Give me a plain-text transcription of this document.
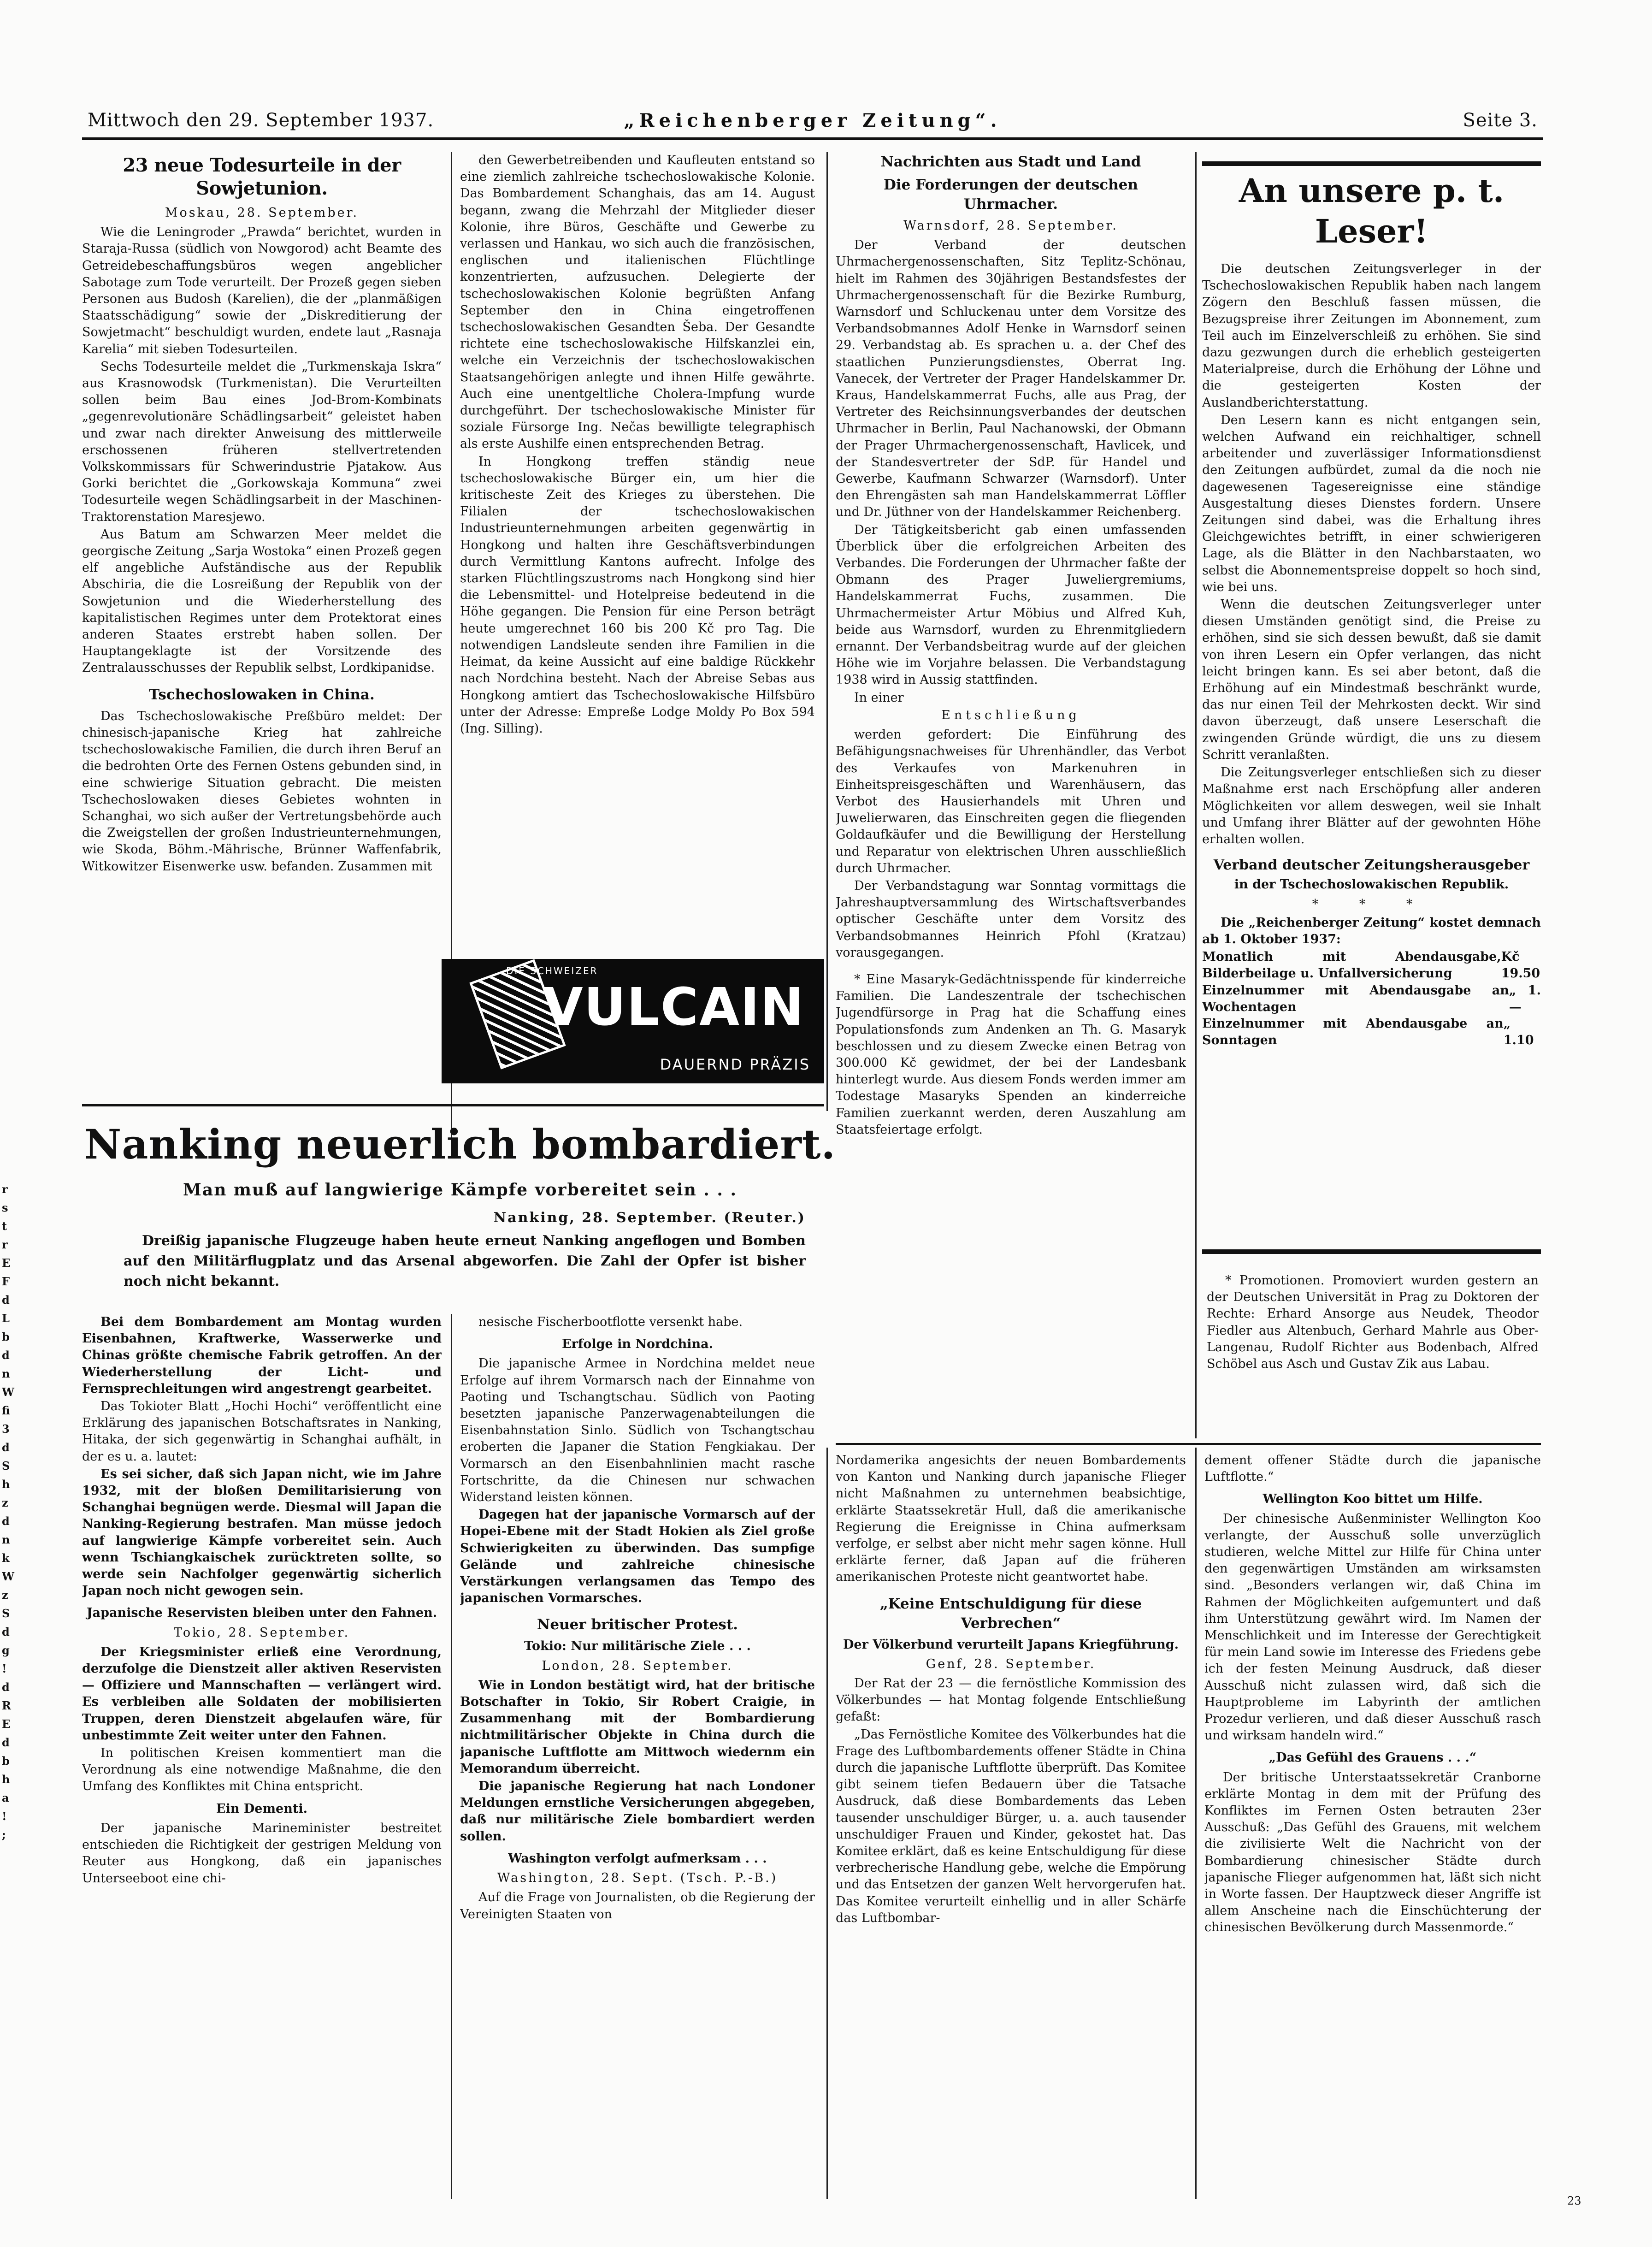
Mittwoch den 29. September 1937.	„Reichenberger Zeitung“.	Seite 3.
23 neue Todesurteile in der Sowjetunion.
Moskau, 28. September.

Wie die Leningroder „Prawda“ berichtet, wurden in Staraja-Russa (südlich von Nowgorod) acht Beamte des Getreidebeschaffungsbüros wegen angeblicher Sabotage zum Tode verurteilt. Der Prozeß gegen sieben Personen aus Budosh (Karelien), die der „planmäßigen Staatsschädigung“ sowie der „Diskreditierung der Sowjetmacht“ beschuldigt wurden, endete laut „Rasnaja Karelia“ mit sieben Todesurteilen.

Sechs Todesurteile meldet die „Turkmenskaja Iskra“ aus Krasnowodsk (Turkmenistan). Die Verurteilten sollen beim Bau eines Jod-Brom-Kombinats „gegenrevolutionäre Schädlingsarbeit“ geleistet haben und zwar nach direkter Anweisung des mittlerweile erschossenen früheren stellvertretenden Volkskommissars für Schwerindustrie Pjatakow. Aus Gorki berichtet die „Gorkowskaja Kommuna“ zwei Todesurteile wegen Schädlingsarbeit in der Maschinen-Traktorenstation Maresjewo.

Aus Batum am Schwarzen Meer meldet die georgische Zeitung „Sarja Wostoka“ einen Prozeß gegen elf angebliche Aufständische aus der Republik Abschiria, die die Losreißung der Republik von der Sowjetunion und die Wiederherstellung des kapitalistischen Regimes unter dem Protektorat eines anderen Staates erstrebt haben sollen. Der Hauptangeklagte ist der Vorsitzende des Zentralausschusses der Republik selbst, Lordkipanidse.

Tschechoslowaken in China.

Das Tschechoslowakische Preßbüro meldet: Der chinesisch-japanische Krieg hat zahlreiche tschechoslowakische Familien, die durch ihren Beruf an die bedrohten Orte des Fernen Ostens gebunden sind, in eine schwierige Situation gebracht. Die meisten Tschechoslowaken dieses Gebietes wohnten in Schanghai, wo sich außer der Vertretungsbehörde auch die Zweigstellen der großen Industrieunternehmungen, wie Skoda, Böhm.-Mährische, Brünner Waffenfabrik, Witkowitzer Eisenwerke usw. befanden. Zusammen mit

den Gewerbetreibenden und Kaufleuten entstand so eine ziemlich zahlreiche tschechoslowakische Kolonie. Das Bombardement Schanghais, das am 14. August begann, zwang die Mehrzahl der Mitglieder dieser Kolonie, ihre Büros, Geschäfte und Gewerbe zu verlassen und Hankau, wo sich auch die französischen, englischen und italienischen Flüchtlinge konzentrierten, aufzusuchen. Delegierte der tschechoslowakischen Kolonie begrüßten Anfang September den in China eingetroffenen tschechoslowakischen Gesandten Šeba. Der Gesandte richtete eine tschechoslowakische Hilfskanzlei ein, welche ein Verzeichnis der tschechoslowakischen Staatsangehörigen anlegte und ihnen Hilfe gewährte. Auch eine unentgeltliche Cholera-Impfung wurde durchgeführt. Der tschechoslowakische Minister für soziale Fürsorge Ing. Nečas bewilligte telegraphisch als erste Aushilfe einen entsprechenden Betrag.

In Hongkong treffen ständig neue tschechoslowakische Bürger ein, um hier die kritischeste Zeit des Krieges zu überstehen. Die Filialen der tschechoslowakischen Industrieunternehmungen arbeiten gegenwärtig in Hongkong und halten ihre Geschäftsverbindungen durch Vermittlung Kantons aufrecht. Infolge des starken Flüchtlingszustroms nach Hongkong sind hier die Lebensmittel- und Hotelpreise bedeutend in die Höhe gegangen. Die Pension für eine Person beträgt heute umgerechnet 160 bis 200 Kč pro Tag. Die notwendigen Landsleute senden ihre Familien in die Heimat, da keine Aussicht auf eine baldige Rückkehr nach Nordchina besteht. Nach der Abreise Sebas aus Hongkong amtiert das Tschechoslowakische Hilfsbüro unter der Adresse: Empreße Lodge Moldy Po Box 594 (Ing. Silling).

DIE SCHWEIZER
VULCAIN
DAUERND PRÄZIS
Nachrichten aus Stadt und Land
Die Forderungen der deutschen Uhrmacher.
Warnsdorf, 28. September.

Der Verband der deutschen Uhrmachergenossenschaften, Sitz Teplitz-Schönau, hielt im Rahmen des 30jährigen Bestandsfestes der Uhrmachergenossenschaft für die Bezirke Rumburg, Warnsdorf und Schluckenau unter dem Vorsitze des Verbandsobmannes Adolf Henke in Warnsdorf seinen 29. Verbandstag ab. Es sprachen u. a. der Chef des staatlichen Punzierungsdienstes, Oberrat Ing. Vanecek, der Vertreter der Prager Handelskammer Dr. Kraus, Handelskammerrat Fuchs, alle aus Prag, der Vertreter des Reichsinnungsverbandes der deutschen Uhrmacher in Berlin, Paul Nachanowski, der Obmann der Prager Uhrmachergenossenschaft, Havlicek, und der Standesvertreter der SdP. für Handel und Gewerbe, Kaufmann Schwarzer (Warnsdorf). Unter den Ehrengästen sah man Handelskammerrat Löffler und Dr. Jüthner von der Handelskammer Reichenberg.

Der Tätigkeitsbericht gab einen umfassenden Überblick über die erfolgreichen Arbeiten des Verbandes. Die Forderungen der Uhrmacher faßte der Obmann des Prager Juweliergremiums, Handelskammerrat Fuchs, zusammen. Die Uhrmachermeister Artur Möbius und Alfred Kuh, beide aus Warnsdorf, wurden zu Ehrenmitgliedern ernannt. Der Verbandsbeitrag wurde auf der gleichen Höhe wie im Vorjahre belassen. Die Verbandstagung 1938 wird in Aussig stattfinden.

In einer

Entschließung

werden gefordert: Die Einführung des Befähigungsnachweises für Uhrenhändler, das Verbot des Verkaufes von Markenuhren in Einheitspreisgeschäften und Warenhäusern, das Verbot des Hausierhandels mit Uhren und Juwelierwaren, das Einschreiten gegen die fliegenden Goldaufkäufer und die Bewilligung der Herstellung und Reparatur von elektrischen Uhren ausschließlich durch Uhrmacher.

Der Verbandstagung war Sonntag vormittags die Jahreshauptversammlung des Wirtschaftsverbandes optischer Geschäfte unter dem Vorsitz des Verbandsobmannes Heinrich Pfohl (Kratzau) vorausgegangen.

* Eine Masaryk-Gedächtnisspende für kinderreiche Familien. Die Landeszentrale der tschechischen Jugendfürsorge in Prag hat die Schaffung eines Populationsfonds zum Andenken an Th. G. Masaryk beschlossen und zu diesem Zwecke einen Betrag von 300.000 Kč gewidmet, der bei der Landesbank hinterlegt wurde. Aus diesem Fonds werden immer am Todestage Masaryks Spenden an kinderreiche Familien zuerkannt werden, deren Auszahlung am Staatsfeiertage erfolgt.

An unsere p. t. Leser!

Die deutschen Zeitungsverleger in der Tschechoslowakischen Republik haben nach langem Zögern den Beschluß fassen müssen, die Bezugspreise ihrer Zeitungen im Abonnement, zum Teil auch im Einzelverschleiß zu erhöhen. Sie sind dazu gezwungen durch die erheblich gesteigerten Materialpreise, durch die Erhöhung der Löhne und die gesteigerten Kosten der Auslandberichterstattung.

Den Lesern kann es nicht entgangen sein, welchen Aufwand ein reichhaltiger, schnell arbeitender und zuverlässiger Informationsdienst den Zeitungen aufbürdet, zumal da die noch nie dagewesenen Tagesereignisse eine ständige Ausgestaltung dieses Dienstes fordern. Unsere Zeitungen sind dabei, was die Erhaltung ihres Gleichgewichtes betrifft, in einer schwierigeren Lage, als die Blätter in den Nachbarstaaten, wo selbst die Abonnementspreise doppelt so hoch sind, wie bei uns.

Wenn die deutschen Zeitungsverleger unter diesen Umständen genötigt sind, die Preise zu erhöhen, sind sie sich dessen bewußt, daß sie damit von ihren Lesern ein Opfer verlangen, das nicht leicht bringen kann. Es sei aber betont, daß die Erhöhung auf ein Mindestmaß beschränkt wurde, das nur einen Teil der Mehrkosten deckt. Wir sind davon überzeugt, daß unsere Leserschaft die zwingenden Gründe würdigt, die uns zu diesem Schritt veranlaßten.

Die Zeitungsverleger entschließen sich zu dieser Maßnahme erst nach Erschöpfung aller anderen Möglichkeiten vor allem deswegen, weil sie Inhalt und Umfang ihrer Blätter auf der gewohnten Höhe erhalten wollen.

Verband deutscher Zeitungsherausgeber
in der Tschechoslowakischen Republik.
* * *

Die „Reichenberger Zeitung“ kostet demnach ab 1. Oktober 1937:

Monatlich mit Abendausgabe, Bilderbeilage u. Unfallversicherung
Kč 19.50
Einzelnummer mit Abendausgabe an Wochentagen
„ 1.—
Einzelnummer mit Abendausgabe an Sonntagen
„ 1.10

* Promotionen. Promoviert wurden gestern an der Deutschen Universität in Prag zu Doktoren der Rechte: Erhard Ansorge aus Neudek, Theodor Fiedler aus Altenbuch, Gerhard Mahrle aus Ober-Langenau, Rudolf Richter aus Bodenbach, Alfred Schöbel aus Asch und Gustav Zik aus Labau.

Nanking neuerlich bombardiert.
Man muß auf langwierige Kämpfe vorbereitet sein . . .
Nanking, 28. September. (Reuter.)

Dreißig japanische Flugzeuge haben heute erneut Nanking angeflogen und Bomben auf den Militärflugplatz und das Arsenal abgeworfen. Die Zahl der Opfer ist bisher noch nicht bekannt.

Bei dem Bombardement am Montag wurden Eisenbahnen, Kraftwerke, Wasserwerke und Chinas größte chemische Fabrik getroffen. An der Wiederherstellung der Licht- und Fernsprechleitungen wird angestrengt gearbeitet.

Das Tokioter Blatt „Hochi Hochi“ veröffentlicht eine Erklärung des japanischen Botschaftsrates in Nanking, Hitaka, der sich gegenwärtig in Schanghai aufhält, in der es u. a. lautet:

Es sei sicher, daß sich Japan nicht, wie im Jahre 1932, mit der bloßen Demilitarisierung von Schanghai begnügen werde. Diesmal will Japan die Nanking-Regierung bestrafen. Man müsse jedoch auf langwierige Kämpfe vorbereitet sein. Auch wenn Tschiangkaischek zurücktreten sollte, so werde sein Nachfolger gegenwärtig sicherlich Japan noch nicht gewogen sein.

Japanische Reservisten bleiben unter den Fahnen.
Tokio, 28. September.

Der Kriegsminister erließ eine Verordnung, derzufolge die Dienstzeit aller aktiven Reservisten — Offiziere und Mannschaften — verlängert wird. Es verbleiben alle Soldaten der mobilisierten Truppen, deren Dienstzeit abgelaufen wäre, für unbestimmte Zeit weiter unter den Fahnen.

In politischen Kreisen kommentiert man die Verordnung als eine notwendige Maßnahme, die den Umfang des Konfliktes mit China entspricht.

Ein Dementi.

Der japanische Marineminister bestreitet entschieden die Richtigkeit der gestrigen Meldung von Reuter aus Hongkong, daß ein japanisches Unterseeboot eine chi-

nesische Fischerbootflotte versenkt habe.

Erfolge in Nordchina.

Die japanische Armee in Nordchina meldet neue Erfolge auf ihrem Vormarsch nach der Einnahme von Paoting und Tschangtschau. Südlich von Paoting besetzten japanische Panzerwagenabteilungen die Eisenbahnstation Sinlo. Südlich von Tschangtschau eroberten die Japaner die Station Fengkiakau. Der Vormarsch an den Eisenbahnlinien macht rasche Fortschritte, da die Chinesen nur schwachen Widerstand leisten können.

Dagegen hat der japanische Vormarsch auf der Hopei-Ebene mit der Stadt Hokien als Ziel große Schwierigkeiten zu überwinden. Das sumpfige Gelände und zahlreiche chinesische Verstärkungen verlangsamen das Tempo des japanischen Vormarsches.

Neuer britischer Protest.
Tokio: Nur militärische Ziele . . .
London, 28. September.

Wie in London bestätigt wird, hat der britische Botschafter in Tokio, Sir Robert Craigie, in Zusammenhang mit der Bombardierung nichtmilitärischer Objekte in China durch die japanische Luftflotte am Mittwoch wiedernm ein Memorandum überreicht.

Die japanische Regierung hat nach Londoner Meldungen ernstliche Versicherungen abgegeben, daß nur militärische Ziele bombardiert werden sollen.

Washington verfolgt aufmerksam . . .
Washington, 28. Sept. (Tsch. P.-B.)

Auf die Frage von Journalisten, ob die Regierung der Vereinigten Staaten von

Nordamerika angesichts der neuen Bombardements von Kanton und Nanking durch japanische Flieger nicht Maßnahmen zu unternehmen beabsichtige, erklärte Staatssekretär Hull, daß die amerikanische Regierung die Ereignisse in China aufmerksam verfolge, er selbst aber nicht mehr sagen könne. Hull erklärte ferner, daß Japan auf die früheren amerikanischen Proteste nicht geantwortet habe.

„Keine Entschuldigung für diese Verbrechen“
Der Völkerbund verurteilt Japans Kriegführung.
Genf, 28. September.

Der Rat der 23 — die fernöstliche Kommission des Völkerbundes — hat Montag folgende Entschließung gefaßt:

„Das Fernöstliche Komitee des Völkerbundes hat die Frage des Luftbombardements offener Städte in China durch die japanische Luftflotte überprüft. Das Komitee gibt seinem tiefen Bedauern über die Tatsache Ausdruck, daß diese Bombardements das Leben tausender unschuldiger Bürger, u. a. auch tausender unschuldiger Frauen und Kinder, gekostet hat. Das Komitee erklärt, daß es keine Entschuldigung für diese verbrecherische Handlung gebe, welche die Empörung und das Entsetzen der ganzen Welt hervorgerufen hat. Das Komitee verurteilt einhellig und in aller Schärfe das Luftbombar-

dement offener Städte durch die japanische Luftflotte.“

Wellington Koo bittet um Hilfe.

Der chinesische Außenminister Wellington Koo verlangte, der Ausschuß solle unverzüglich studieren, welche Mittel zur Hilfe für China unter den gegenwärtigen Umständen am wirksamsten sind. „Besonders verlangen wir, daß China im Rahmen der Möglichkeiten aufgemuntert und daß ihm Unterstützung gewährt wird. Im Namen der Menschlichkeit und im Interesse der Gerechtigkeit für mein Land sowie im Interesse des Friedens gebe ich der festen Meinung Ausdruck, daß dieser Ausschuß nicht zulassen wird, daß sich die Hauptprobleme im Labyrinth der amtlichen Prozedur verlieren, und daß dieser Ausschuß rasch und wirksam handeln wird.“

„Das Gefühl des Grauens . . .“

Der britische Unterstaatssekretär Cranborne erklärte Montag in dem mit der Prüfung des Konfliktes im Fernen Osten betrauten 23er Ausschuß: „Das Gefühl des Grauens, mit welchem die zivilisierte Welt die Nachricht von der Bombardierung chinesischer Städte durch japanische Flieger aufgenommen hat, läßt sich nicht in Worte fassen. Der Hauptzweck dieser Angriffe ist allem Anscheine nach die Einschüchterung der chinesischen Bevölkerung durch Massenmorde.“

r
s
t
r
E
F
d
L
b
d
n
W
fi
3
d
S
h
z
d
n
k
W
z
S
d
g
!
d
R
E
d
b
h
a
!
;
23
